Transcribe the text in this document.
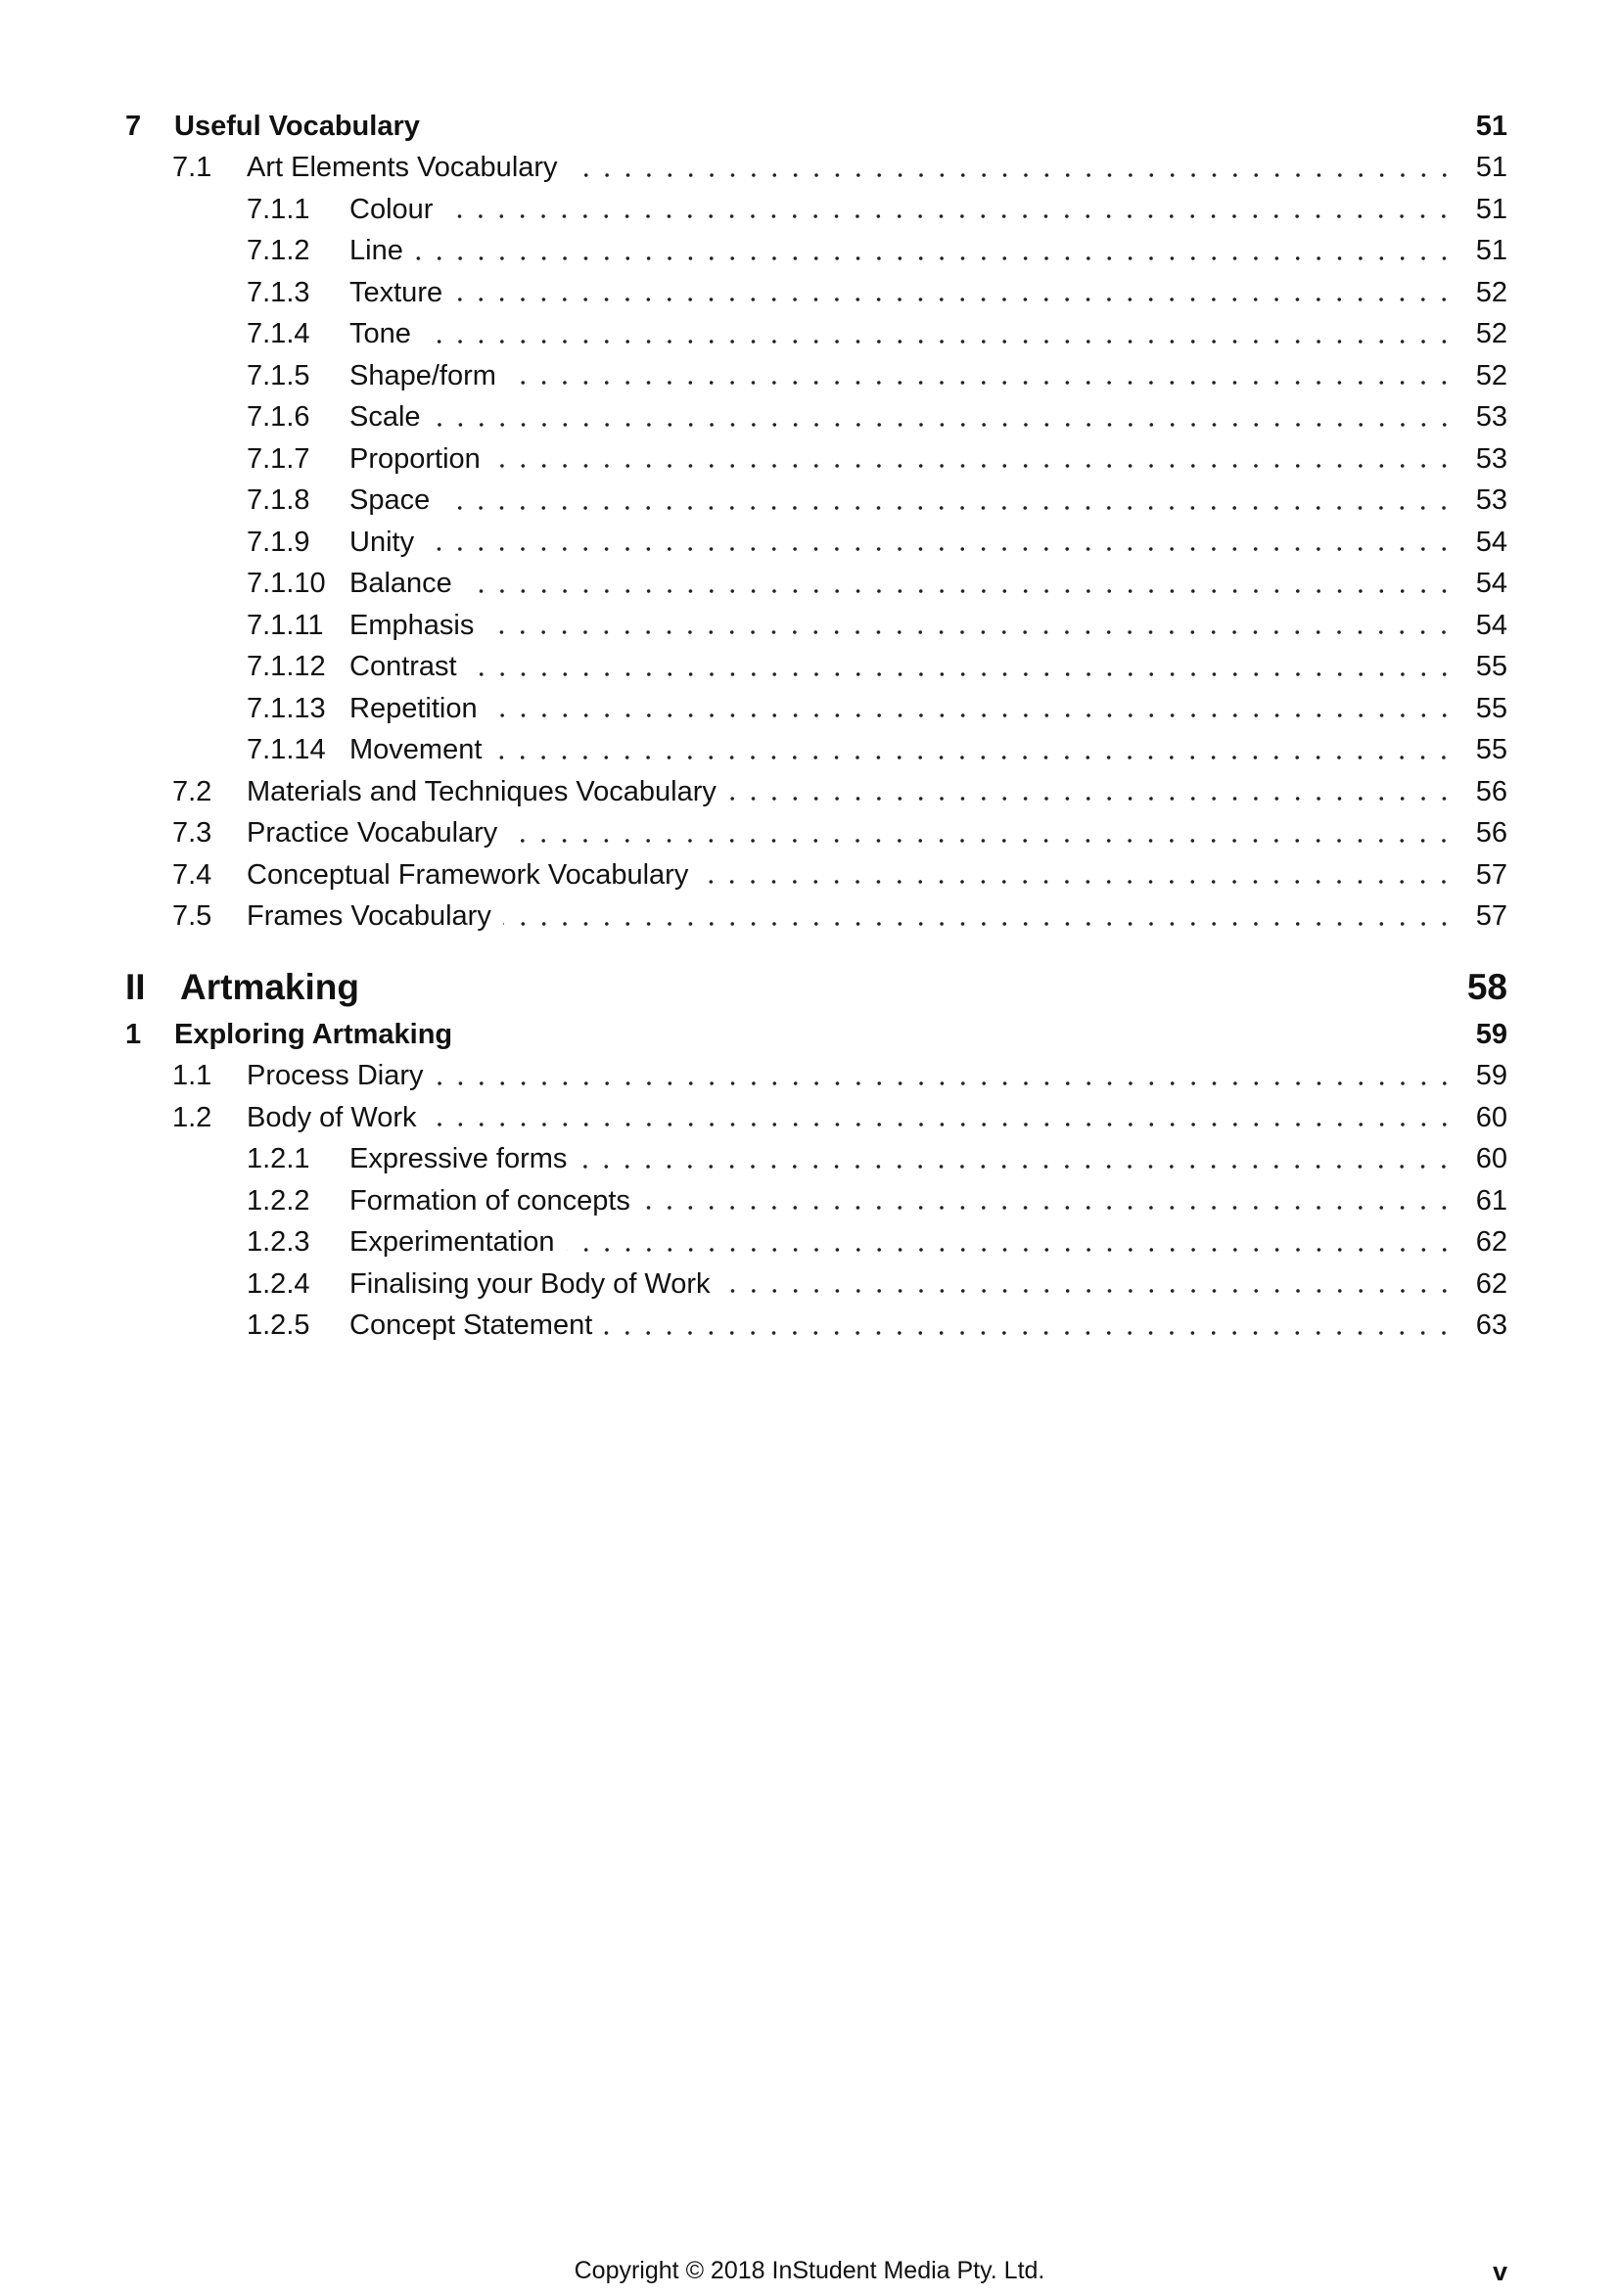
7	Useful Vocabulary	51
7.1	Art Elements Vocabulary	51
7.1.1	Colour	51
7.1.2	Line	51
7.1.3	Texture	52
7.1.4	Tone	52
7.1.5	Shape/form	52
7.1.6	Scale	53
7.1.7	Proportion	53
7.1.8	Space	53
7.1.9	Unity	54
7.1.10 Balance	54
7.1.11 Emphasis	54
7.1.12 Contrast	55
7.1.13 Repetition	55
7.1.14 Movement	55
7.2	Materials and Techniques Vocabulary	56
7.3	Practice Vocabulary	56
7.4	Conceptual Framework Vocabulary	57
7.5	Frames Vocabulary	57
II Artmaking	58
1	Exploring Artmaking	59
1.1	Process Diary	59
1.2	Body of Work	60
1.2.1	Expressive forms	60
1.2.2	Formation of concepts	61
1.2.3	Experimentation	62
1.2.4	Finalising your Body of Work	62
1.2.5	Concept Statement	63
Copyright © 2018 InStudent Media Pty. Ltd.	v
